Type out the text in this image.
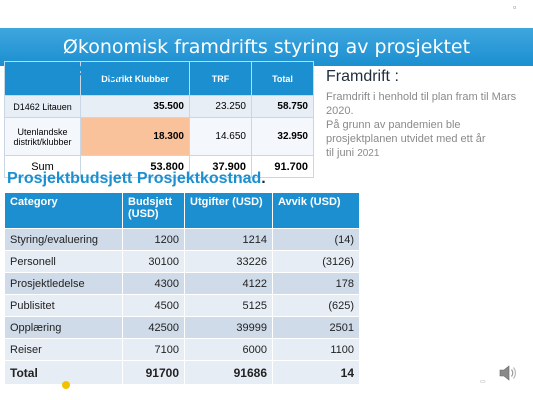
▫
Økonomisk framdrifts styring av prosjektet
	Distrikt Klubber	TRF	Total
D1462 Litauen	35.500	23.250	58.750
Utenlandske distrikt/klubber	18.300	14.650	32.950
Sum	53.800	37.900	91.700
Finansiering	Framdrift :
Framdrift i henhold til plan fram til Mars 2020.
På grunn av pandemien ble prosjektplanen utvidet med ett år
til juni 2021
Prosjektbudsjett Prosjektkostnad.
Category	Budsjett (USD)	Utgifter (USD)	Avvik (USD)
Styring/evaluering	1200	1214	(14)
Personell	30100	33226	(3126)
Prosjektledelse	4300	4122	178
Publisitet	4500	5125	(625)
Opplæring	42500	39999	2501
Reiser	7100	6000	1100
Total	91700	91686	14
▭
